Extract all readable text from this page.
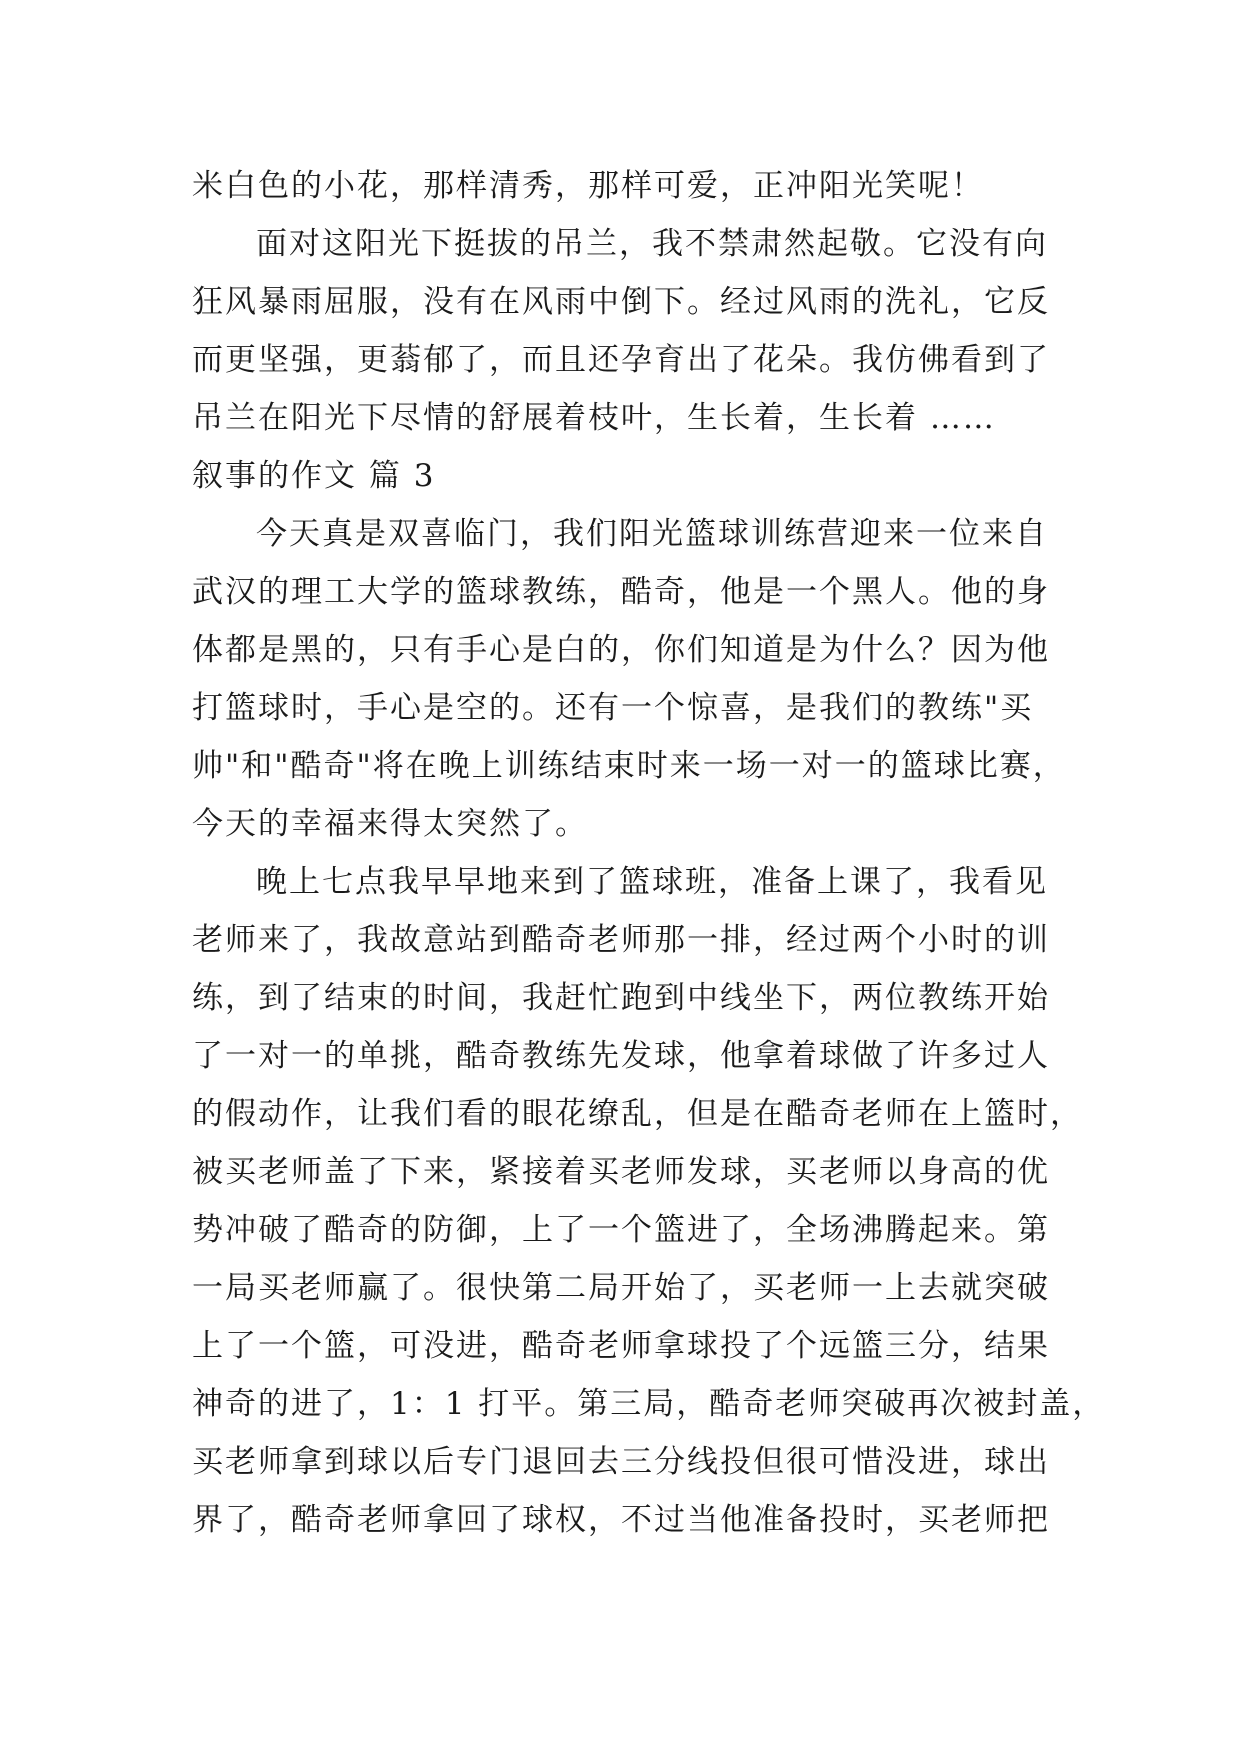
米白色的小花，那样清秀，那样可爱，正冲阳光笑呢！
面对这阳光下挺拔的吊兰，我不禁肃然起敬。它没有向
狂风暴雨屈服，没有在风雨中倒下。经过风雨的洗礼，它反
而更坚强，更蓊郁了，而且还孕育出了花朵。我仿佛看到了
吊兰在阳光下尽情的舒展着枝叶，生长着，生长着 ……
叙事的作文 篇 3
今天真是双喜临门，我们阳光篮球训练营迎来一位来自
武汉的理工大学的篮球教练，酷奇，他是一个黑人。他的身
体都是黑的，只有手心是白的，你们知道是为什么？因为他
打篮球时，手心是空的。还有一个惊喜，是我们的教练"买
帅"和"酷奇"将在晚上训练结束时来一场一对一的篮球比赛，
今天的幸福来得太突然了。
晚上七点我早早地来到了篮球班，准备上课了，我看见
老师来了，我故意站到酷奇老师那一排，经过两个小时的训
练，到了结束的时间，我赶忙跑到中线坐下，两位教练开始
了一对一的单挑，酷奇教练先发球，他拿着球做了许多过人
的假动作，让我们看的眼花缭乱，但是在酷奇老师在上篮时，
被买老师盖了下来，紧接着买老师发球，买老师以身高的优
势冲破了酷奇的防御，上了一个篮进了，全场沸腾起来。第
一局买老师赢了。很快第二局开始了，买老师一上去就突破
上了一个篮，可没进，酷奇老师拿球投了个远篮三分，结果
神奇的进了，1：1 打平。第三局，酷奇老师突破再次被封盖，
买老师拿到球以后专门退回去三分线投但很可惜没进，球出
界了，酷奇老师拿回了球权，不过当他准备投时，买老师把
